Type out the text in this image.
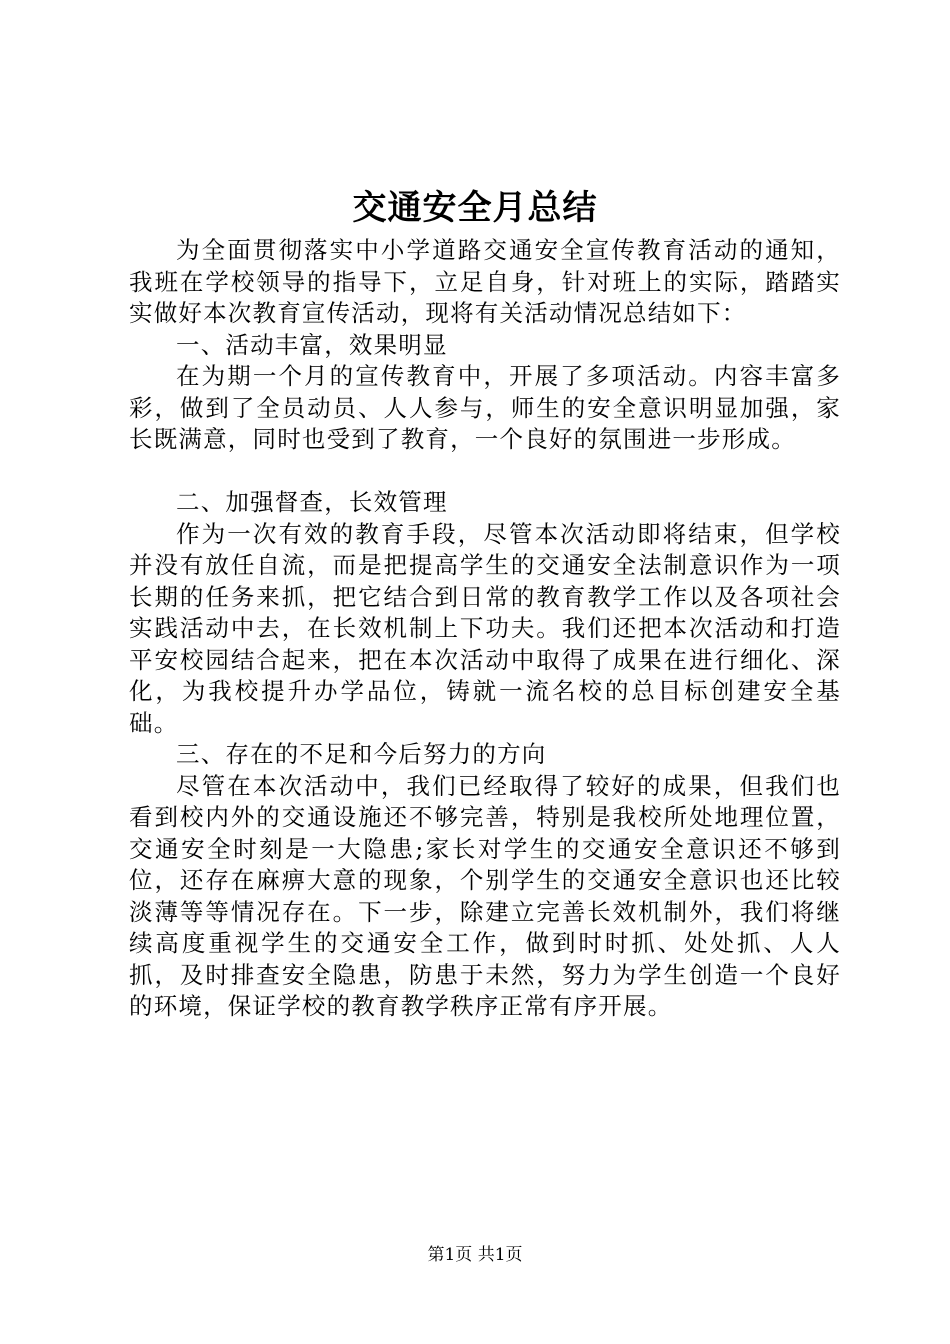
交通安全月总结

为全面贯彻落实中小学道路交通安全宣传教育活动的通知，我班在学校领导的指导下，立足自身，针对班上的实际，踏踏实实做好本次教育宣传活动，现将有关活动情况总结如下：

一、活动丰富，效果明显

在为期一个月的宣传教育中，开展了多项活动。内容丰富多彩，做到了全员动员、人人参与，师生的安全意识明显加强，家长既满意，同时也受到了教育，一个良好的氛围进一步形成。

二、加强督查，长效管理

作为一次有效的教育手段，尽管本次活动即将结束，但学校并没有放任自流，而是把提高学生的交通安全法制意识作为一项长期的任务来抓，把它结合到日常的教育教学工作以及各项社会实践活动中去，在长效机制上下功夫。我们还把本次活动和打造平安校园结合起来，把在本次活动中取得了成果在进行细化、深化，为我校提升办学品位，铸就一流名校的总目标创建安全基础。

三、存在的不足和今后努力的方向

尽管在本次活动中，我们已经取得了较好的成果，但我们也看到校内外的交通设施还不够完善，特别是我校所处地理位置，交通安全时刻是一大隐患;家长对学生的交通安全意识还不够到位，还存在麻痹大意的现象，个别学生的交通安全意识也还比较淡薄等等情况存在。下一步，除建立完善长效机制外，我们将继续高度重视学生的交通安全工作，做到时时抓、处处抓、人人抓，及时排查安全隐患，防患于未然，努力为学生创造一个良好的环境，保证学校的教育教学秩序正常有序开展。

第1页 共1页
